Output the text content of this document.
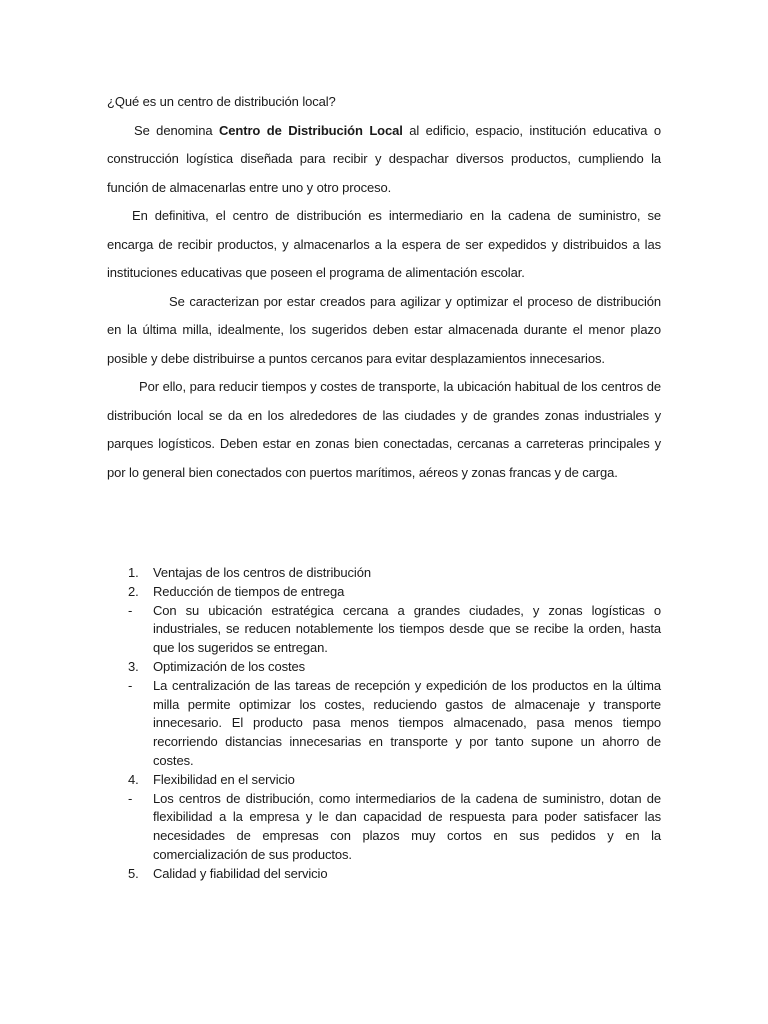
¿Qué es un centro de distribución local?

Se denomina Centro de Distribución Local al edificio, espacio, institución educativa o construcción logística diseñada para recibir y despachar diversos productos, cumpliendo la función de almacenarlas entre uno y otro proceso.

En definitiva, el centro de distribución es intermediario en la cadena de suministro, se encarga de recibir productos, y almacenarlos a la espera de ser expedidos y distribuidos a las instituciones educativas que poseen el programa de alimentación escolar.

Se caracterizan por estar creados para agilizar y optimizar el proceso de distribución en la última milla, idealmente, los sugeridos deben estar almacenada durante el menor plazo posible y debe distribuirse a puntos cercanos para evitar desplazamientos innecesarios.

Por ello, para reducir tiempos y costes de transporte, la ubicación habitual de los centros de distribución local se da en los alrededores de las ciudades y de grandes zonas industriales y parques logísticos. Deben estar en zonas bien conectadas, cercanas a carreteras principales y por lo general bien conectados con puertos marítimos, aéreos y zonas francas y de carga.

1. Ventajas de los centros de distribución
2. Reducción de tiempos de entrega
- Con su ubicación estratégica cercana a grandes ciudades, y zonas logísticas o industriales, se reducen notablemente los tiempos desde que se recibe la orden, hasta que los sugeridos se entregan.
3. Optimización de los costes
- La centralización de las tareas de recepción y expedición de los productos en la última milla permite optimizar los costes, reduciendo gastos de almacenaje y transporte innecesario. El producto pasa menos tiempos almacenado, pasa menos tiempo recorriendo distancias innecesarias en transporte y por tanto supone un ahorro de costes.
4. Flexibilidad en el servicio
- Los centros de distribución, como intermediarios de la cadena de suministro, dotan de flexibilidad a la empresa y le dan capacidad de respuesta para poder satisfacer las necesidades de empresas con plazos muy cortos en sus pedidos y en la comercialización de sus productos.
5. Calidad y fiabilidad del servicio
